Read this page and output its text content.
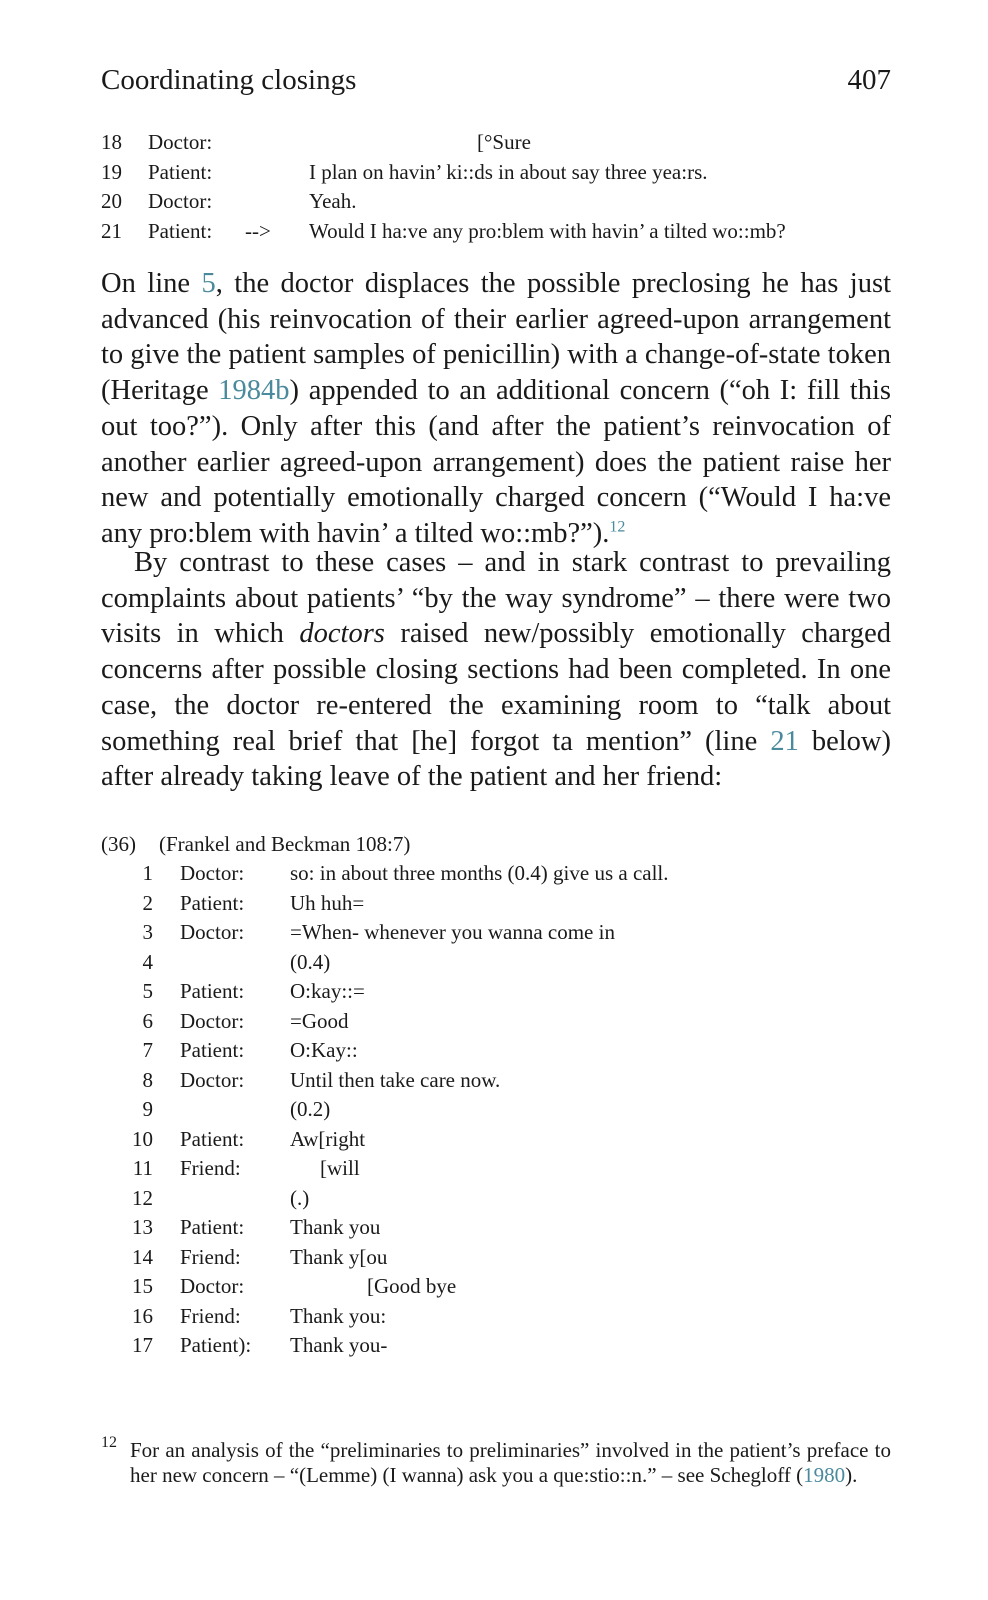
Coordinating closings	407
18 Doctor:	[°Sure
19 Patient:	I plan on havin’ ki::ds in about say three yea:rs.
20 Doctor:	Yeah.
21 Patient: --> Would I ha:ve any pro:blem with havin’ a tilted wo::mb?

On line 5, the doctor displaces the possible preclosing he has just advanced (his reinvocation of their earlier agreed-upon arrangement to give the patient samples of penicillin) with a change-of-state token (Heritage 1984b) appended to an additional concern (“oh I: fill this out too?”). Only after this (and after the patient’s reinvocation of another earlier agreed-upon arrangement) does the patient raise her new and potentially emotionally charged concern (“Would I ha:ve any pro:blem with havin’ a tilted wo::mb?”).$^{12}$

By contrast to these cases – and in stark contrast to prevailing complaints about patients’ “by the way syndrome” – there were two visits in which doctors raised new/possibly emotionally charged concerns after possible closing sections had been completed. In one case, the doctor re-entered the examining room to “talk about something real brief that [he] forgot ta mention” (line 21 below) after already taking leave of the patient and her friend:

(36) (Frankel and Beckman 108:7)
1 Doctor: so: in about three months (0.4) give us a call.
2 Patient: Uh huh=
3 Doctor: =When- whenever you wanna come in
4	(0.4)
5 Patient: O:kay::=
6 Doctor: =Good
7 Patient: O:Kay::
8 Doctor: Until then take care now.
9	(0.2)
10 Patient: Aw[right
11 Friend:	[will
12	(.)
13 Patient: Thank you
14 Friend: Thank y[ou
15 Doctor:	[Good bye
16 Friend: Thank you:
17 Patient): Thank you-
12 For an analysis of the “preliminaries to preliminaries” involved in the patient’s preface to her new concern – “(Lemme) (I wanna) ask you a que:stio::n.” – see Schegloff (1980).
